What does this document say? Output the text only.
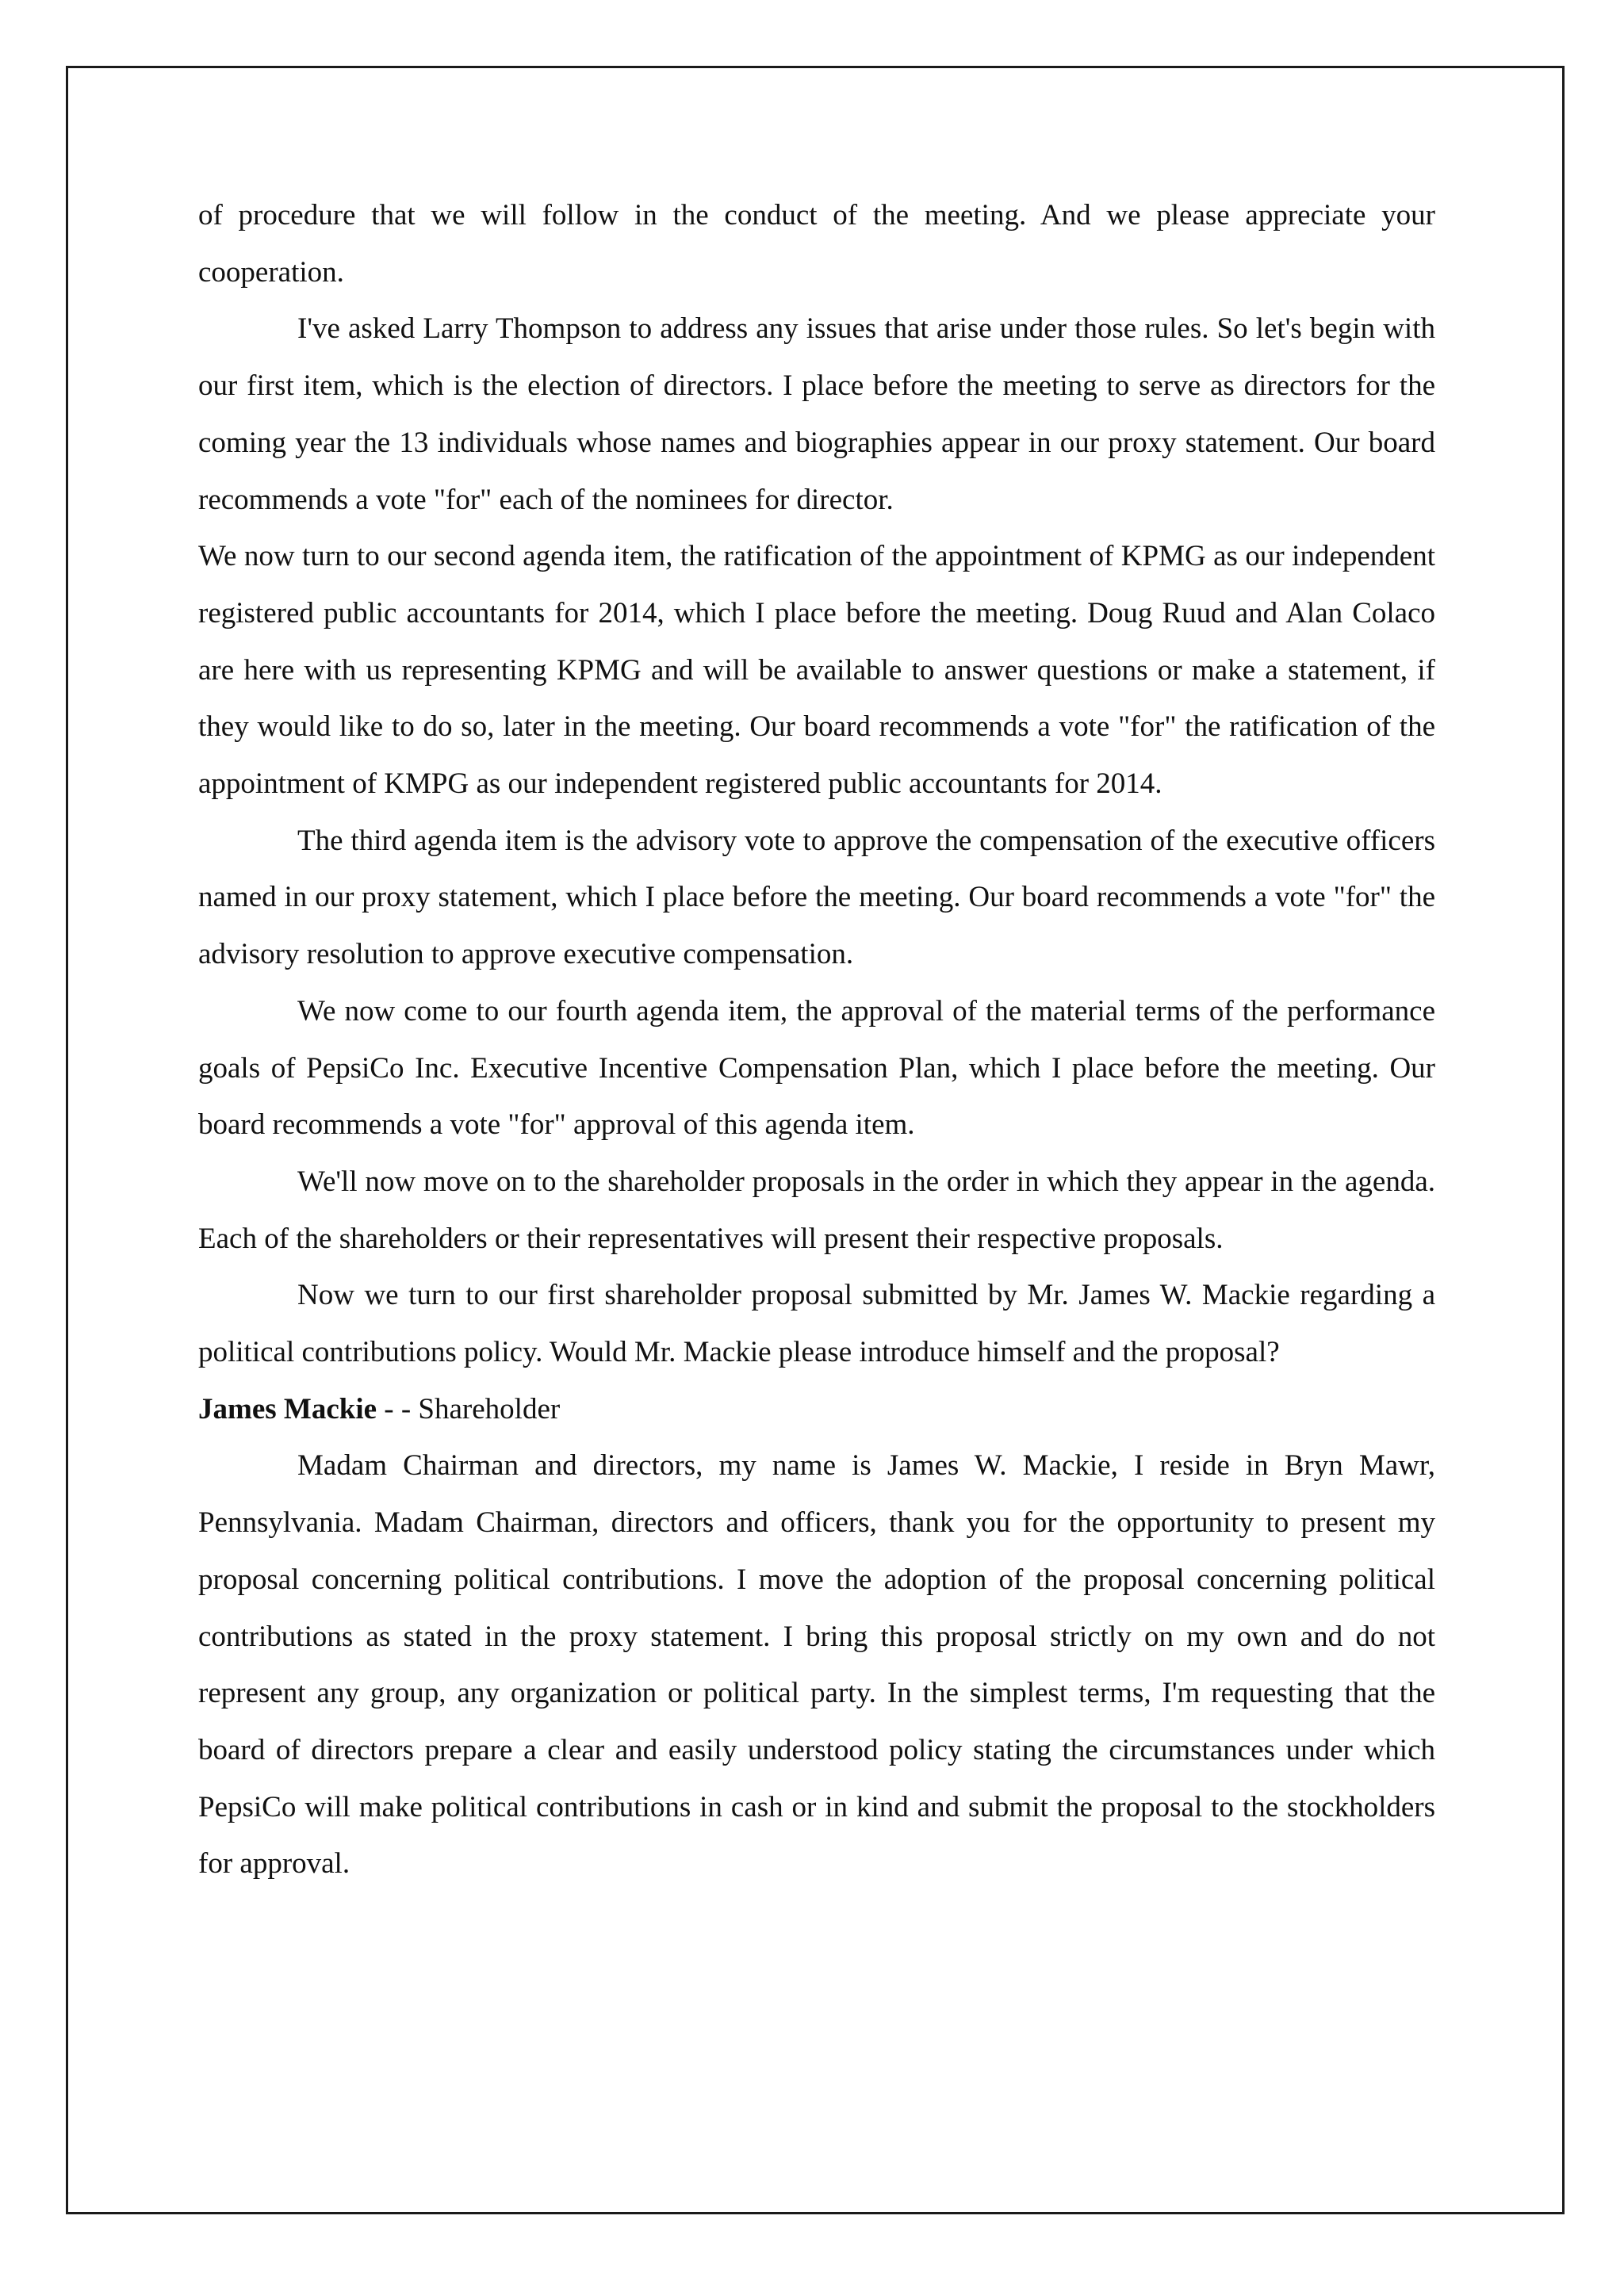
of procedure that we will follow in the conduct of the meeting. And we please appreciate your cooperation.

I've asked Larry Thompson to address any issues that arise under those rules. So let's begin with our first item, which is the election of directors. I place before the meeting to serve as directors for the coming year the 13 individuals whose names and biographies appear in our proxy statement. Our board recommends a vote "for" each of the nominees for director.

We now turn to our second agenda item, the ratification of the appointment of KPMG as our independent registered public accountants for 2014, which I place before the meeting. Doug Ruud and Alan Colaco are here with us representing KPMG and will be available to answer questions or make a statement, if they would like to do so, later in the meeting. Our board recommends a vote "for" the ratification of the appointment of KMPG as our independent registered public accountants for 2014.

The third agenda item is the advisory vote to approve the compensation of the executive officers named in our proxy statement, which I place before the meeting. Our board recommends a vote "for" the advisory resolution to approve executive compensation.

We now come to our fourth agenda item, the approval of the material terms of the performance goals of PepsiCo Inc. Executive Incentive Compensation Plan, which I place before the meeting. Our board recommends a vote "for" approval of this agenda item.

We'll now move on to the shareholder proposals in the order in which they appear in the agenda. Each of the shareholders or their representatives will present their respective proposals.

Now we turn to our first shareholder proposal submitted by Mr. James W. Mackie regarding a political contributions policy. Would Mr. Mackie please introduce himself and the proposal?

James Mackie - - Shareholder

Madam Chairman and directors, my name is James W. Mackie, I reside in Bryn Mawr, Pennsylvania. Madam Chairman, directors and officers, thank you for the opportunity to present my proposal concerning political contributions. I move the adoption of the proposal concerning political contributions as stated in the proxy statement. I bring this proposal strictly on my own and do not represent any group, any organization or political party. In the simplest terms, I'm requesting that the board of directors prepare a clear and easily understood policy stating the circumstances under which PepsiCo will make political contributions in cash or in kind and submit the proposal to the stockholders for approval.
